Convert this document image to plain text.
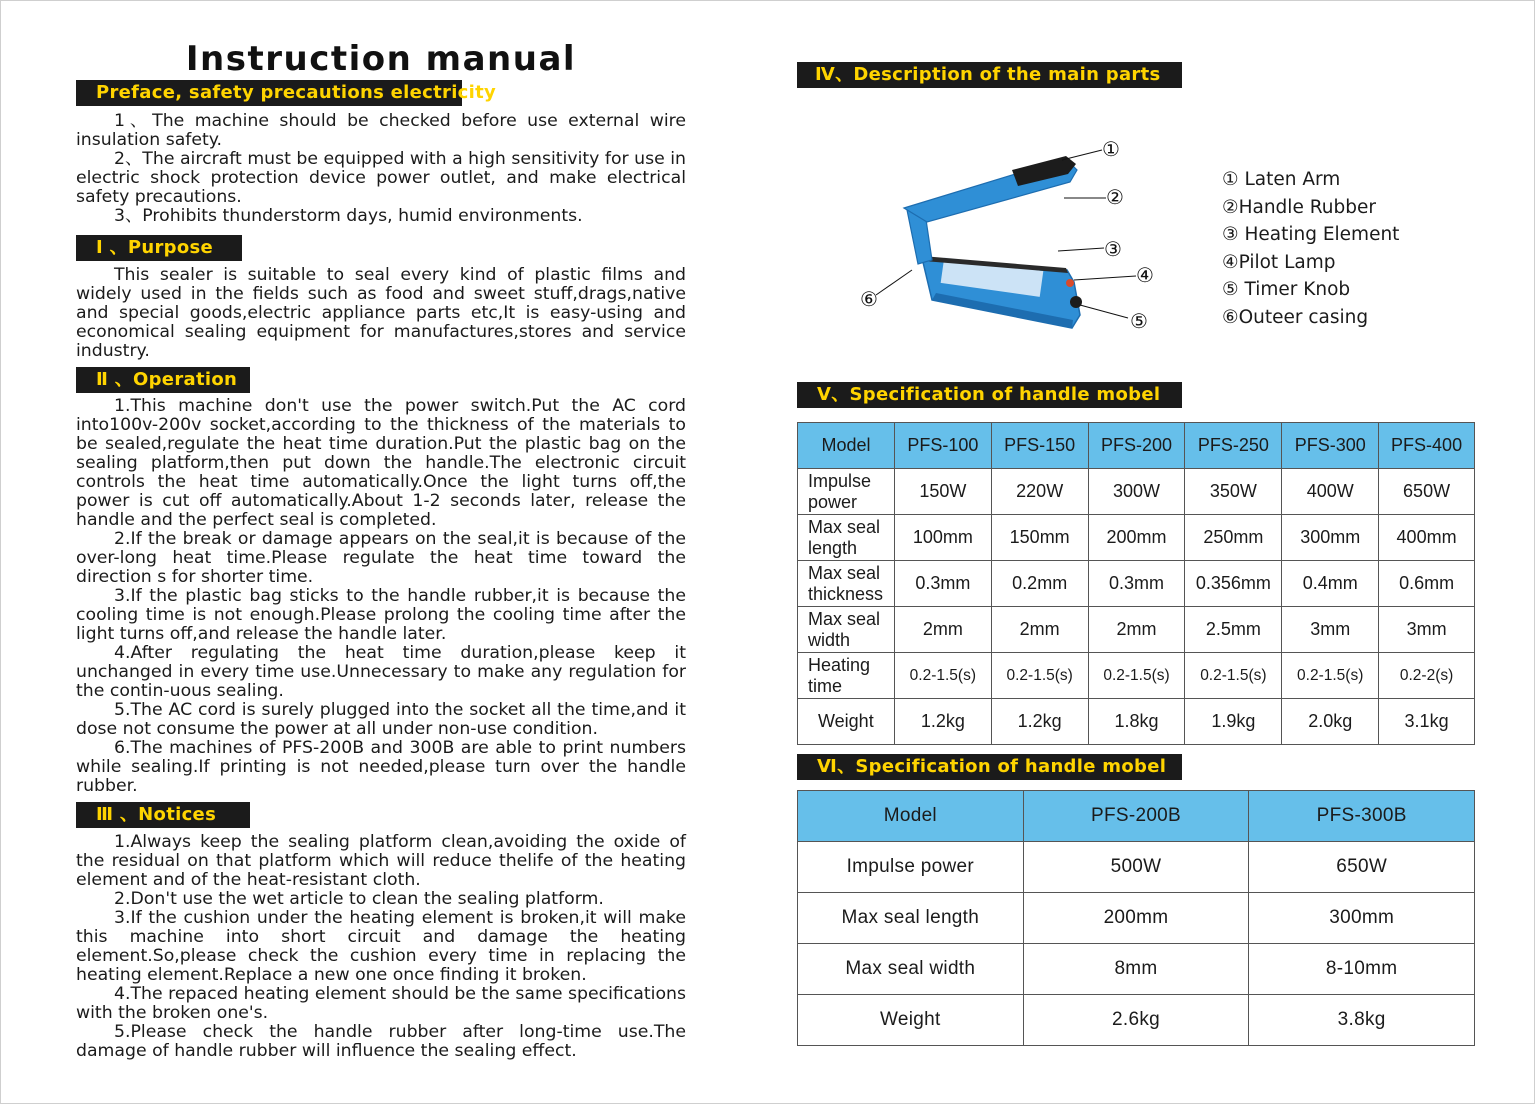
Instruction manual
Preface, safety precautions electricity

1、The machine should be checked before use external wire insulation safety.

2、The aircraft must be equipped with a high sensitivity for use in electric shock protection device power outlet, and make electrical safety precautions.

3、Prohibits thunderstorm days, humid environments.

Ⅰ 、Purpose

This sealer is suitable to seal every kind of plastic films and widely used in the fields such as food and sweet stuff,drags,native and special goods,electric appliance parts etc,It is easy-using and economical sealing equipment for manufactures,stores and service industry.

Ⅱ 、Operation

1.This machine don't use the power switch.Put the AC cord into100v-200v socket,according to the thickness of the materials to be sealed,regulate the heat time duration.Put the plastic bag on the sealing platform,then put down the handle.The electronic circuit controls the heat time automatically.Once the light turns off,the power is cut off automatically.About 1-2 seconds later, release the handle and the perfect seal is completed.

2.If the break or damage appears on the seal,it is because of the over-long heat time.Please regulate the heat time toward the direction s for shorter time.

3.If the plastic bag sticks to the handle rubber,it is because the cooling time is not enough.Please prolong the cooling time after the light turns off,and release the handle later.

4.After regulating the heat time duration,please keep it unchanged in every time use.Unnecessary to make any regulation for the contin-uous sealing.

5.The AC cord is surely plugged into the socket all the time,and it dose not consume the power at all under non-use condition.

6.The machines of PFS-200B and 300B are able to print numbers while sealing.If printing is not needed,please turn over the handle rubber.

Ⅲ 、Notices

1.Always keep the sealing platform clean,avoiding the oxide of the residual on that platform which will reduce thelife of the heating element and of the heat-resistant cloth.

2.Don't use the wet article to clean the sealing platform.

3.If the cushion under the heating element is broken,it will make this machine into short circuit and damage the heating element.So,please check the cushion every time in replacing the heating element.Replace a new one once finding it broken.

4.The repaced heating element should be the same specifications with the broken one's.

5.Please check the handle rubber after long-time use.The damage of handle rubber will influence the sealing effect.

Ⅳ、Description of the main parts
①
②
③
④
⑤
⑥
① Laten Arm
②Handle Rubber
③ Heating Element
④Pilot Lamp
⑤ Timer Knob
⑥Outeer casing
Ⅴ、Specification of handle mobel
Model	PFS-100	PFS-150	PFS-200	PFS-250	PFS-300	PFS-400
Impulse power	150W	220W	300W	350W	400W	650W
Max seal length	100mm	150mm	200mm	250mm	300mm	400mm
Max seal thickness	0.3mm	0.2mm	0.3mm	0.356mm	0.4mm	0.6mm
Max seal width	2mm	2mm	2mm	2.5mm	3mm	3mm
Heating time	0.2-1.5(s)	0.2-1.5(s)	0.2-1.5(s)	0.2-1.5(s)	0.2-1.5(s)	0.2-2(s)
Weight	1.2kg	1.2kg	1.8kg	1.9kg	2.0kg	3.1kg
Ⅵ、Specification of handle mobel
Model	PFS-200B	PFS-300B
Impulse power	500W	650W
Max seal length	200mm	300mm
Max seal width	8mm	8-10mm
Weight	2.6kg	3.8kg
